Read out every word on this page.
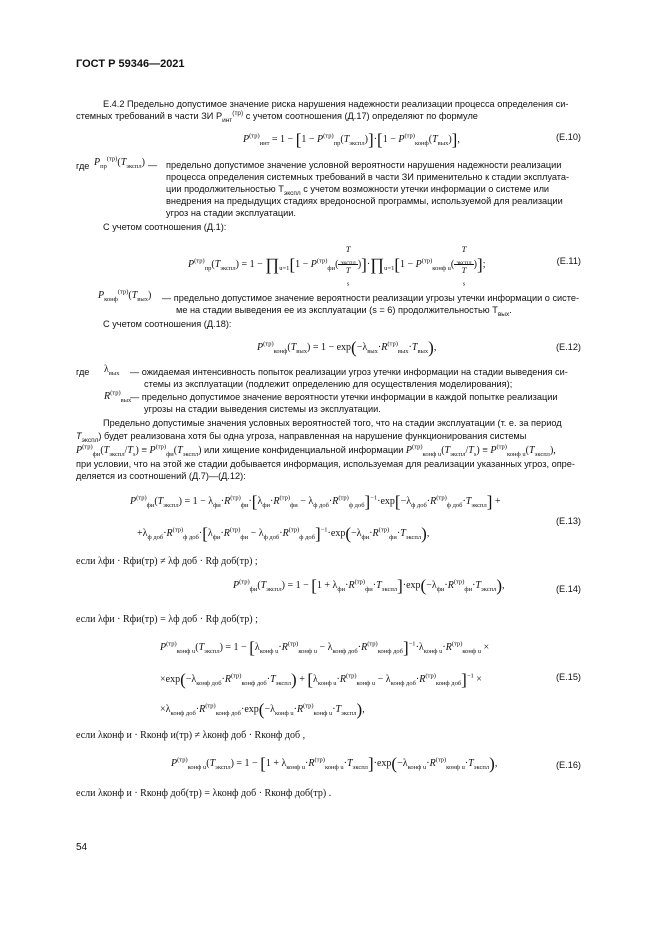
ГОСТ Р 59346—2021
Е.4.2 Предельно допустимое значение риска нарушения надежности реализации процесса определения си-
стемных требований в части ЗИ $P_{инт}^{(тр)}$ с учетом соотношения (Д.17) определяют по формуле
$P^{(тр)}_{инт} = 1 - [1 - P^{(тр)}_{пр}(T_{экспл})]\cdot[1 - P^{(тр)}_{конф}(T_{вых})]$,	(Е.10)
где $P_{пр}^{(тр)}(T_{экспл})$ — предельно допустимое значение условной вероятности нарушения надежности реализации
процесса определения системных требований в части ЗИ применительно к стадии эксплуата-
ции продолжительностью $T_{экспл}$ с учетом возможности утечки информации о системе или
внедрения на предыдущих стадиях вредоносной программы, используемой для реализации
угроз на стадии эксплуатации.
С учетом соотношения (Д.1):
$P^{(тр)}_{пр}(T_{экспл}) = 1$ − $\prod_{u=1}[1 - P^{(тр)}_{фи}$( T
$_{экспл}$
T
$_s$ )]$\cdot\prod_{u=1}[1 - P^{(тр)}_{конф u}$( T
$_{экспл}$
T
$_s$ )];	(Е.11)
$P_{конф}^{(тр)}(T_{вых})$ — предельно допустимое значение вероятности реализации угрозы утечки информации о систе-
ме на стадии выведения ее из эксплуатации (s = 6) продолжительностью $T_{вых}$.
С учетом соотношения (Д.18):
$P^{(тр)}_{конф}(T_{вых}) = 1 - \exp(-\lambda_{вых}\cdot R^{(тр)}_{вых}\cdot T_{вых})$,	(Е.12)
где $\lambda_{вых}$ — ожидаемая интенсивность попыток реализации угроз утечки информации на стадии выведения си-
стемы из эксплуатации (подлежит определению для осуществления моделирования);
$R^{(тр)}_{вых}$
— предельно допустимое значение вероятности утечки информации в каждой попытке реализации
угрозы на стадии выведения системы из эксплуатации.
Предельно допустимые значения условных вероятностей того, что на стадии эксплуатации (т. е. за период
$T_{экспл}$) будет реализована хотя бы одна угроза, направленная на нарушение функционирования системы
$P^{(тр)}_{фи}(T_{экспл}/T_s) \equiv P^{(тр)}_{фи}(T_{экспл})$ или хищение конфиденциальной информации $P^{(тр)}_{конф u}(T_{экспл}/T_s) \equiv P^{(тр)}_{конф u}(T_{экспл})$,
при условии, что на этой же стадии добывается информация, используемая для реализации указанных угроз, опре-
деляется из соотношений (Д.7)—(Д.12):
$P^{(тр)}_{фи}(T_{экспл}) = 1 - \lambda_{фи}\cdot R^{(тр)}_{фи}\cdot[\lambda_{фи}\cdot R^{(тр)}_{фи} - \lambda_{ф доб}\cdot R^{(тр)}_{ф доб}]^{-1}\cdot\exp[-\lambda_{ф доб}\cdot R^{(тр)}_{ф доб}\cdot T_{экспл}]$ +
$+\lambda_{ф доб}\cdot R^{(тр)}_{ф доб}\cdot[\lambda_{фи}\cdot R^{(тр)}_{фи} - \lambda_{ф доб}\cdot R^{(тр)}_{ф доб}]^{-1}\cdot\exp(-\lambda_{фи}\cdot R^{(тр)}_{фи}\cdot T_{экспл})$,
(Е.13)
если λфи · Rфи(тр) ≠ λф доб · Rф доб(тр) ;
$P^{(тр)}_{фи}(T_{экспл}) = 1 - [1 + \lambda_{фи}\cdot R^{(тр)}_{фи}\cdot T_{экспл}]\cdot\exp(-\lambda_{фи}\cdot R^{(тр)}_{фи}\cdot T_{экспл})$,	(Е.14)
если λфи · Rфи(тр) = λф доб · Rф доб(тр) ;
$P^{(тр)}_{конф u}(T_{экспл}) = 1 - [\lambda_{конф u}\cdot R^{(тр)}_{конф u} - \lambda_{конф доб}\cdot R^{(тр)}_{конф доб}]^{-1}\cdot\lambda_{конф u}\cdot R^{(тр)}_{конф u}$ ×
$\times\exp(-\lambda_{конф доб}\cdot R^{(тр)}_{конф доб}\cdot T_{экспл}) + [\lambda_{конф u}\cdot R^{(тр)}_{конф u} - \lambda_{конф доб}\cdot R^{(тр)}_{конф доб}]^{-1}$ ×
$\times\lambda_{конф доб}\cdot R^{(тр)}_{конф доб}\cdot\exp(-\lambda_{конф u}\cdot R^{(тр)}_{конф u}\cdot T_{экспл})$,
(Е.15)
если λконф и · Rконф и(тр) ≠ λконф доб · Rконф доб ,
$P^{(тр)}_{конф u}(T_{экспл}) = 1 - [1 + \lambda_{конф u}\cdot R^{(тр)}_{конф u}\cdot T_{экспл}]\cdot\exp(-\lambda_{конф u}\cdot R^{(тр)}_{конф u}\cdot T_{экспл})$,	(Е.16)
если λконф и · Rконф доб(тр) = λконф доб · Rконф доб(тр) .
54
